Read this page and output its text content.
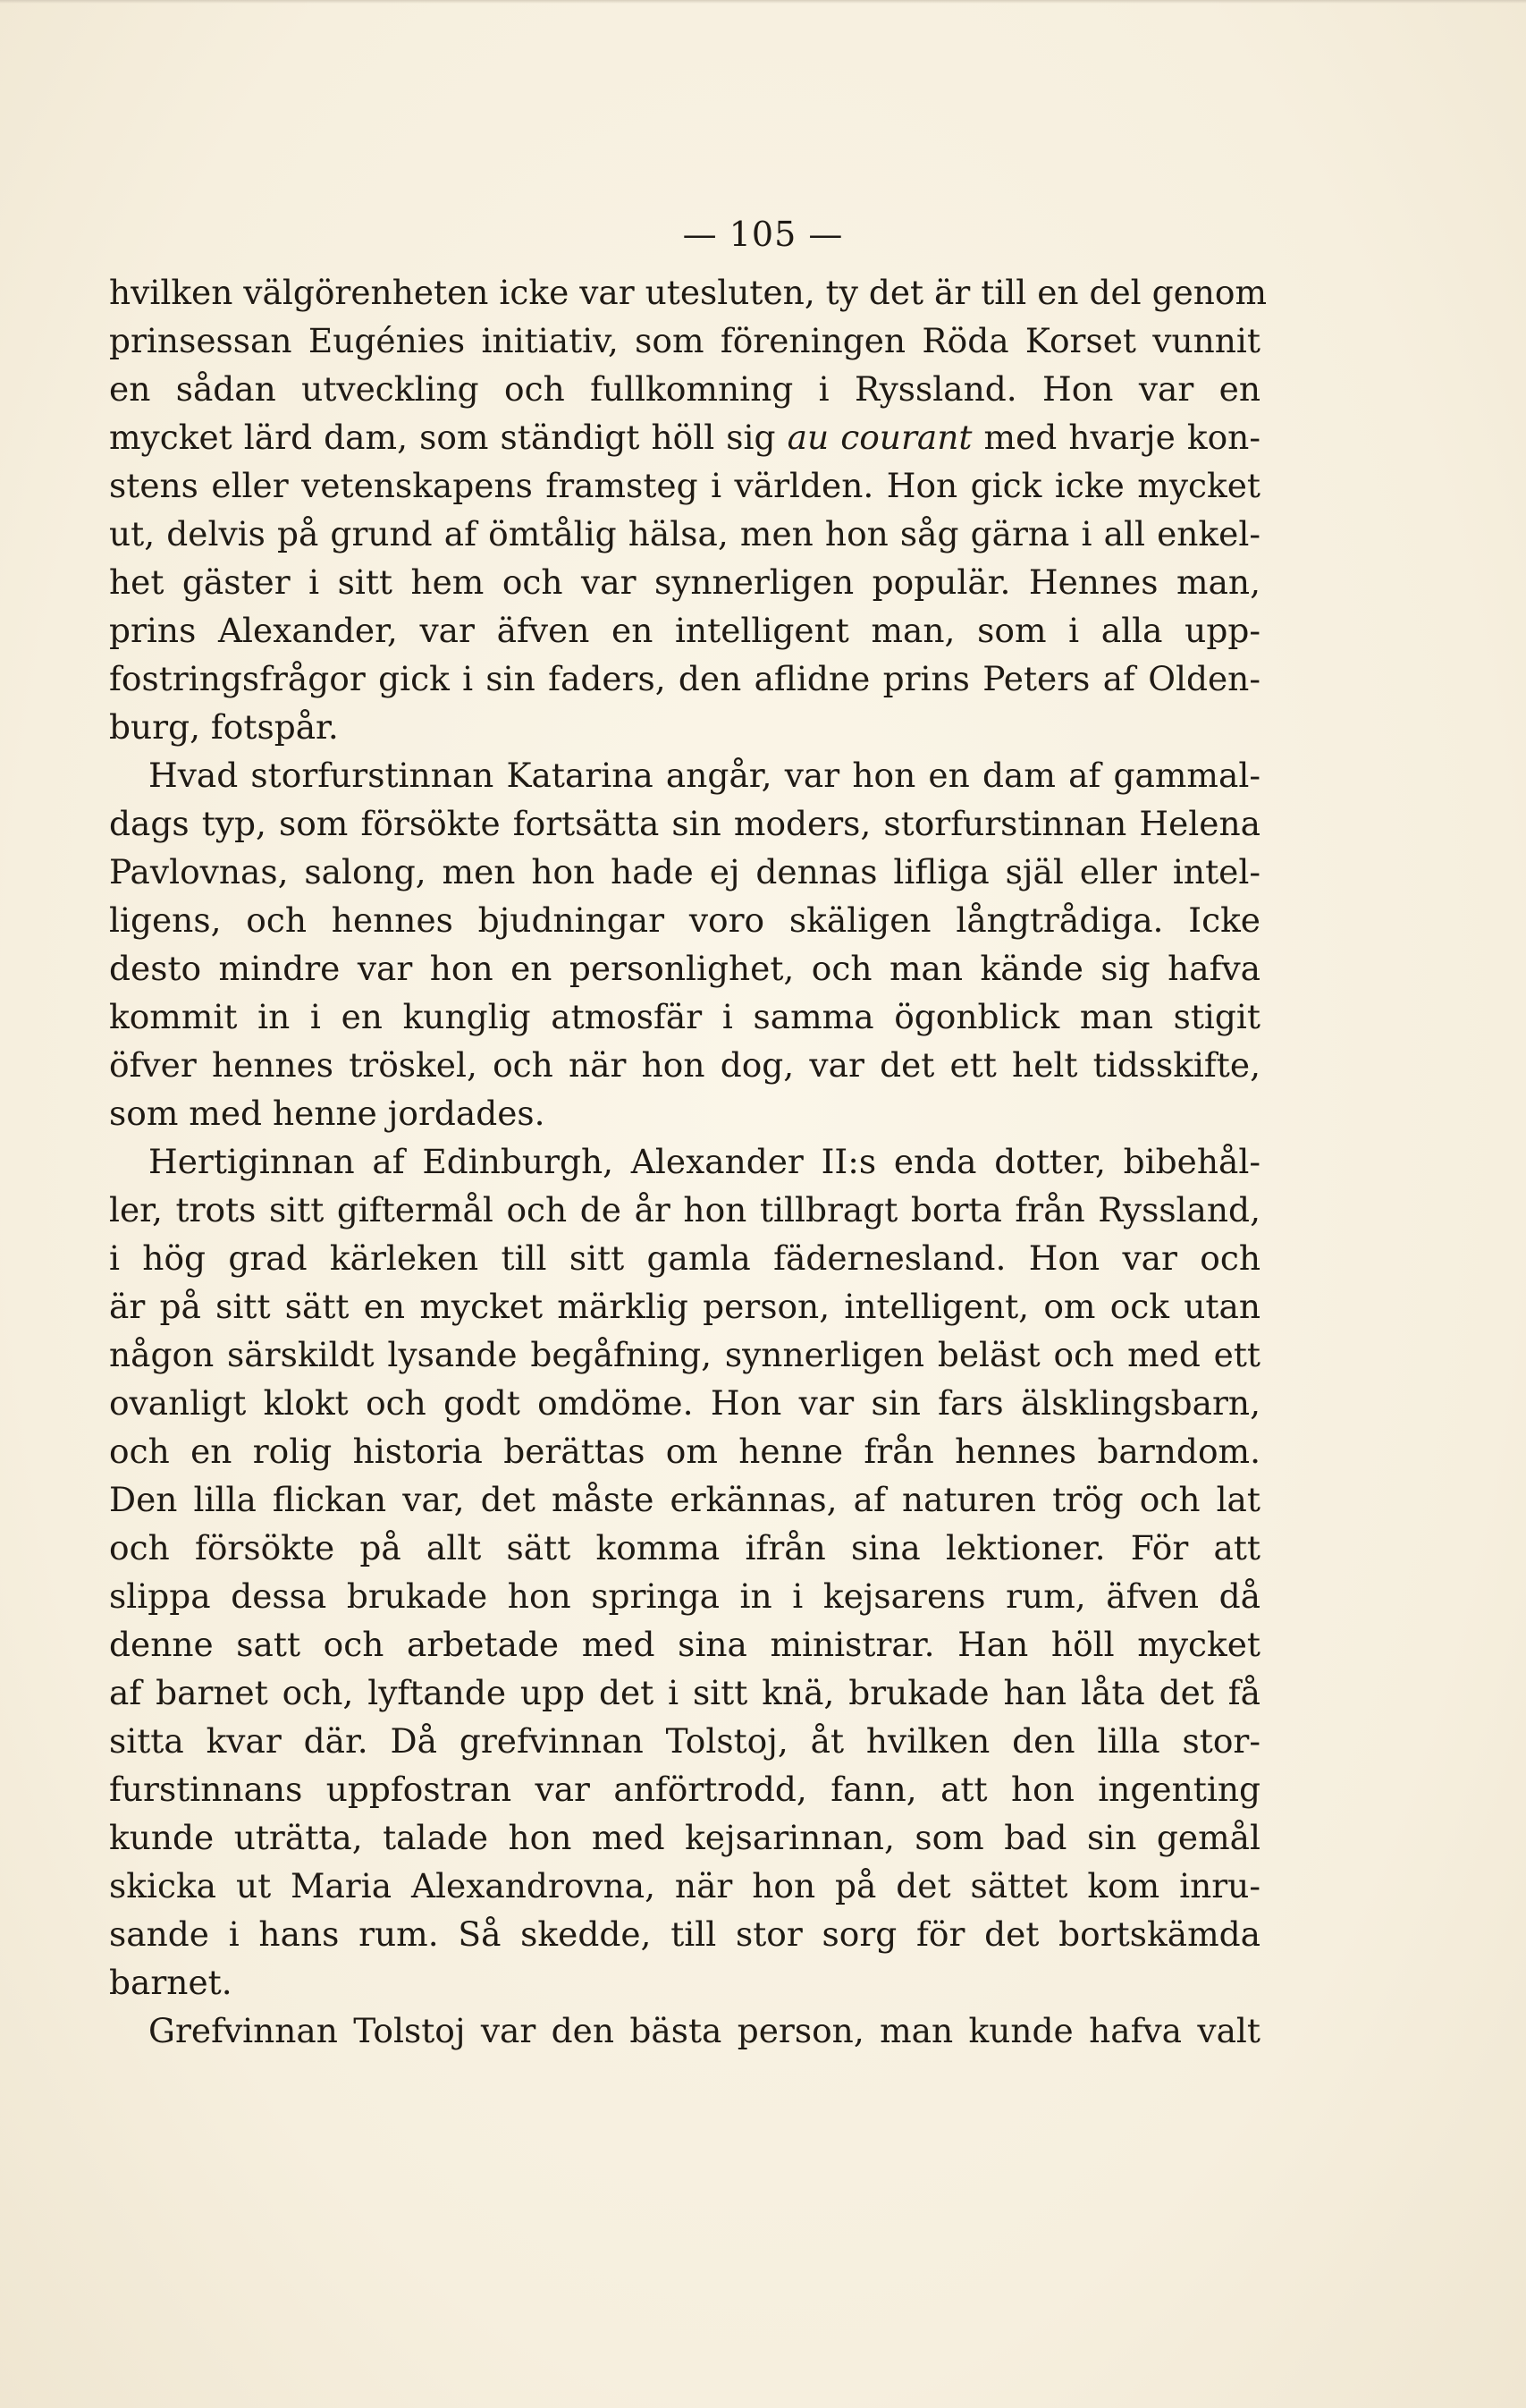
— 105 —
hvilken välgörenheten icke var utesluten, ty det är till en del genom
prinsessan Eugénies initiativ, som föreningen Röda Korset vunnit
en sådan utveckling och fullkomning i Ryssland. Hon var en
mycket lärd dam, som ständigt höll sig au courant med hvarje kon-
stens eller vetenskapens framsteg i världen. Hon gick icke mycket
ut, delvis på grund af ömtålig hälsa, men hon såg gärna i all enkel-
het gäster i sitt hem och var synnerligen populär. Hennes man,
prins Alexander, var äfven en intelligent man, som i alla upp-
fostringsfrågor gick i sin faders, den aflidne prins Peters af Olden-
burg, fotspår.
Hvad storfurstinnan Katarina angår, var hon en dam af gammal-
dags typ, som försökte fortsätta sin moders, storfurstinnan Helena
Pavlovnas, salong, men hon hade ej dennas lifliga själ eller intel-
ligens, och hennes bjudningar voro skäligen långtrådiga. Icke
desto mindre var hon en personlighet, och man kände sig hafva
kommit in i en kunglig atmosfär i samma ögonblick man stigit
öfver hennes tröskel, och när hon dog, var det ett helt tidsskifte,
som med henne jordades.
Hertiginnan af Edinburgh, Alexander II:s enda dotter, bibehål-
ler, trots sitt giftermål och de år hon tillbragt borta från Ryssland,
i hög grad kärleken till sitt gamla fädernesland. Hon var och
är på sitt sätt en mycket märklig person, intelligent, om ock utan
någon särskildt lysande begåfning, synnerligen beläst och med ett
ovanligt klokt och godt omdöme. Hon var sin fars älsklingsbarn,
och en rolig historia berättas om henne från hennes barndom.
Den lilla flickan var, det måste erkännas, af naturen trög och lat
och försökte på allt sätt komma ifrån sina lektioner. För att
slippa dessa brukade hon springa in i kejsarens rum, äfven då
denne satt och arbetade med sina ministrar. Han höll mycket
af barnet och, lyftande upp det i sitt knä, brukade han låta det få
sitta kvar där. Då grefvinnan Tolstoj, åt hvilken den lilla stor-
furstinnans uppfostran var anförtrodd, fann, att hon ingenting
kunde uträtta, talade hon med kejsarinnan, som bad sin gemål
skicka ut Maria Alexandrovna, när hon på det sättet kom inru-
sande i hans rum. Så skedde, till stor sorg för det bortskämda
barnet.
Grefvinnan Tolstoj var den bästa person, man kunde hafva valt
